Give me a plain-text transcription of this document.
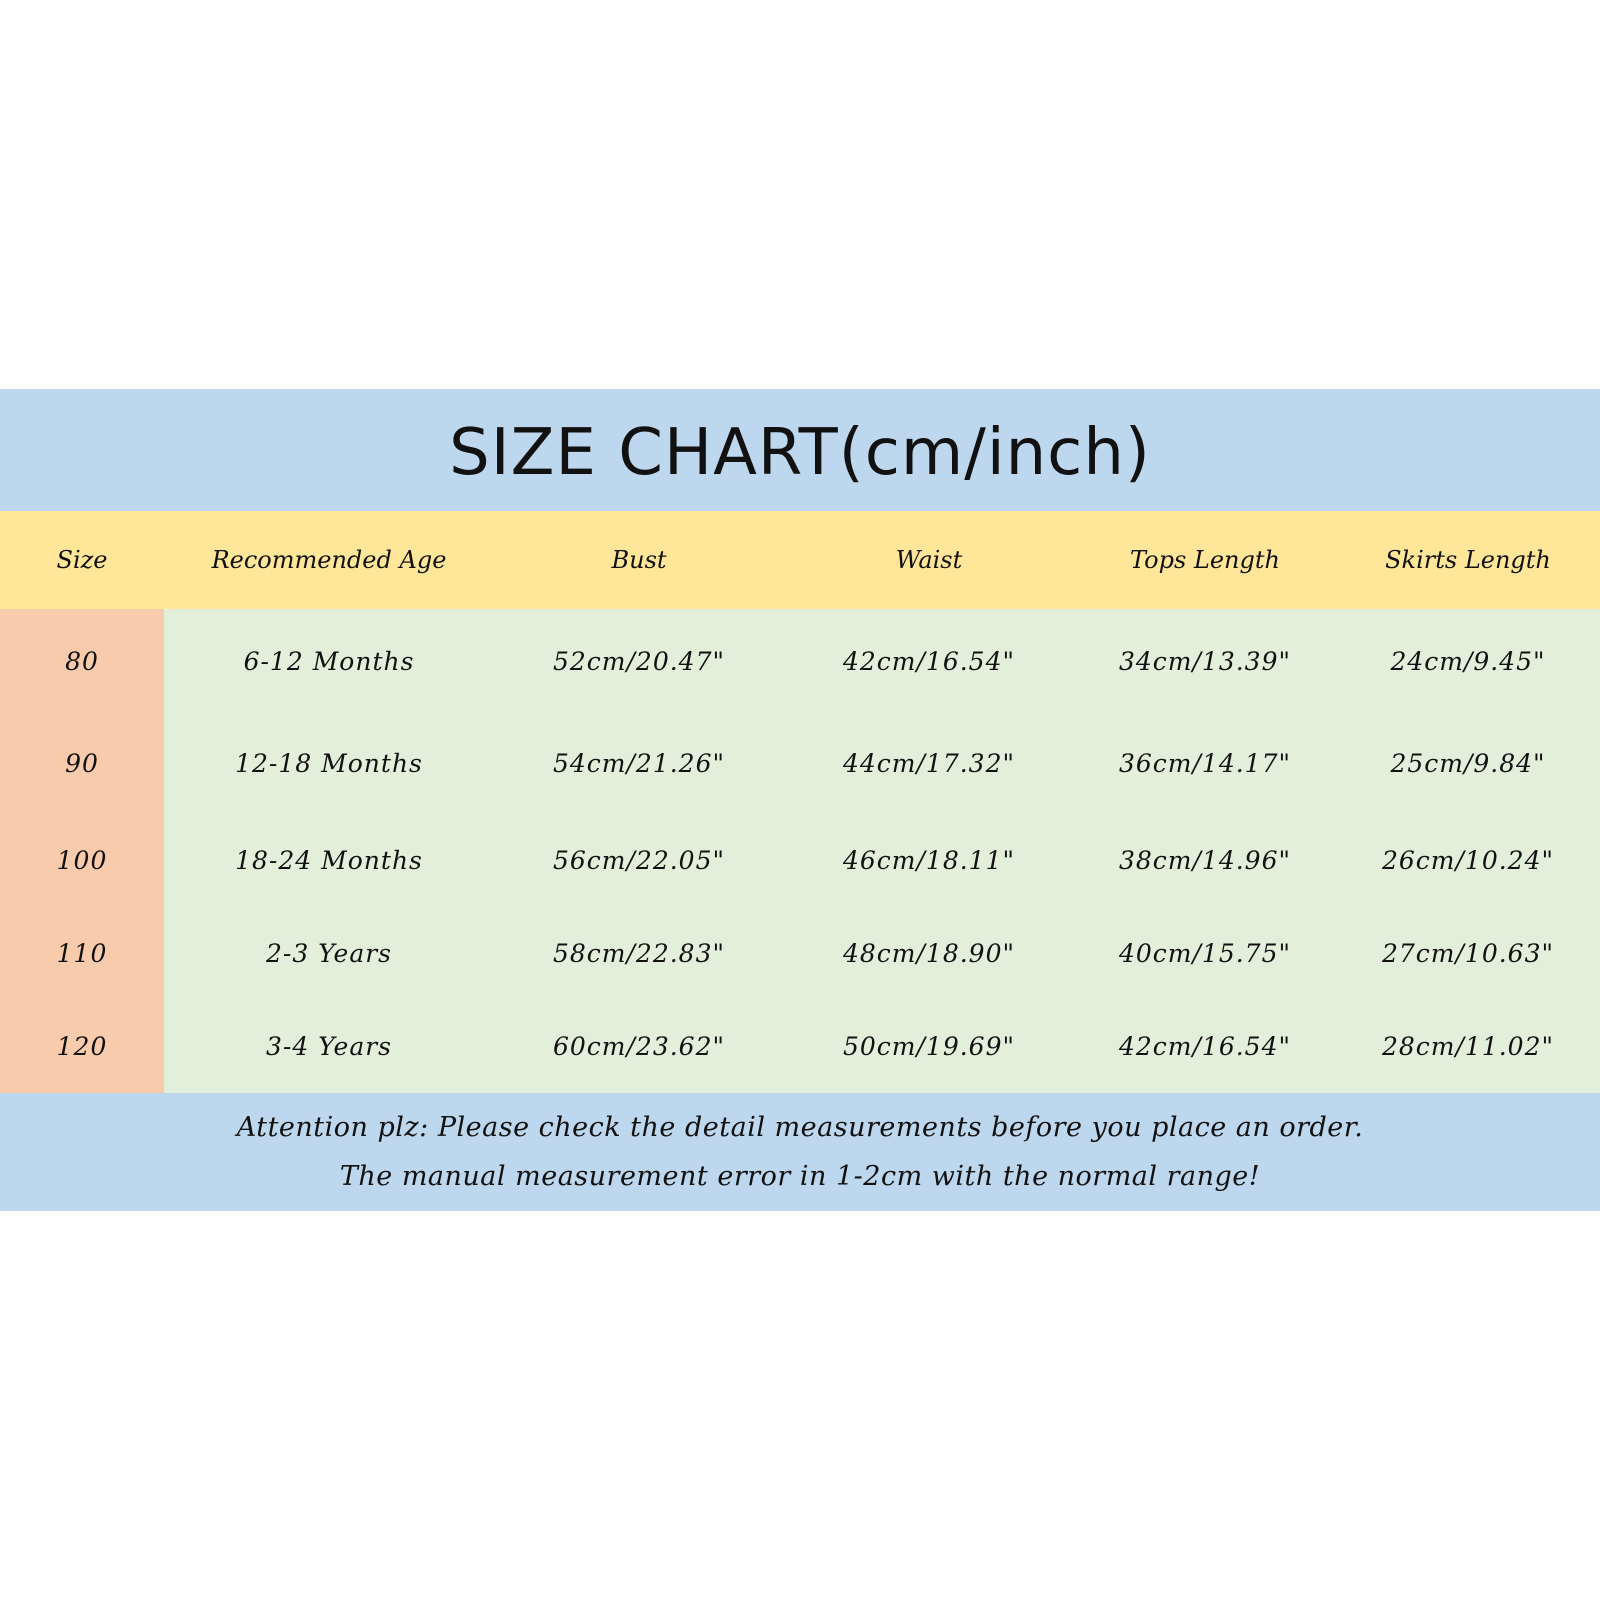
SIZE CHART(cm/inch)
Size	Recommended Age	Bust	Waist	Tops Length	Skirts Length
80	6-12 Months	52cm/20.47"	42cm/16.54"	34cm/13.39"	24cm/9.45"
90	12-18 Months	54cm/21.26"	44cm/17.32"	36cm/14.17"	25cm/9.84"
100	18-24 Months	56cm/22.05"	46cm/18.11"	38cm/14.96"	26cm/10.24"
110	2-3 Years	58cm/22.83"	48cm/18.90"	40cm/15.75"	27cm/10.63"
120	3-4 Years	60cm/23.62"	50cm/19.69"	42cm/16.54"	28cm/11.02"
Attention plz: Please check the detail measurements before you place an order.
The manual measurement error in 1-2cm with the normal range!
